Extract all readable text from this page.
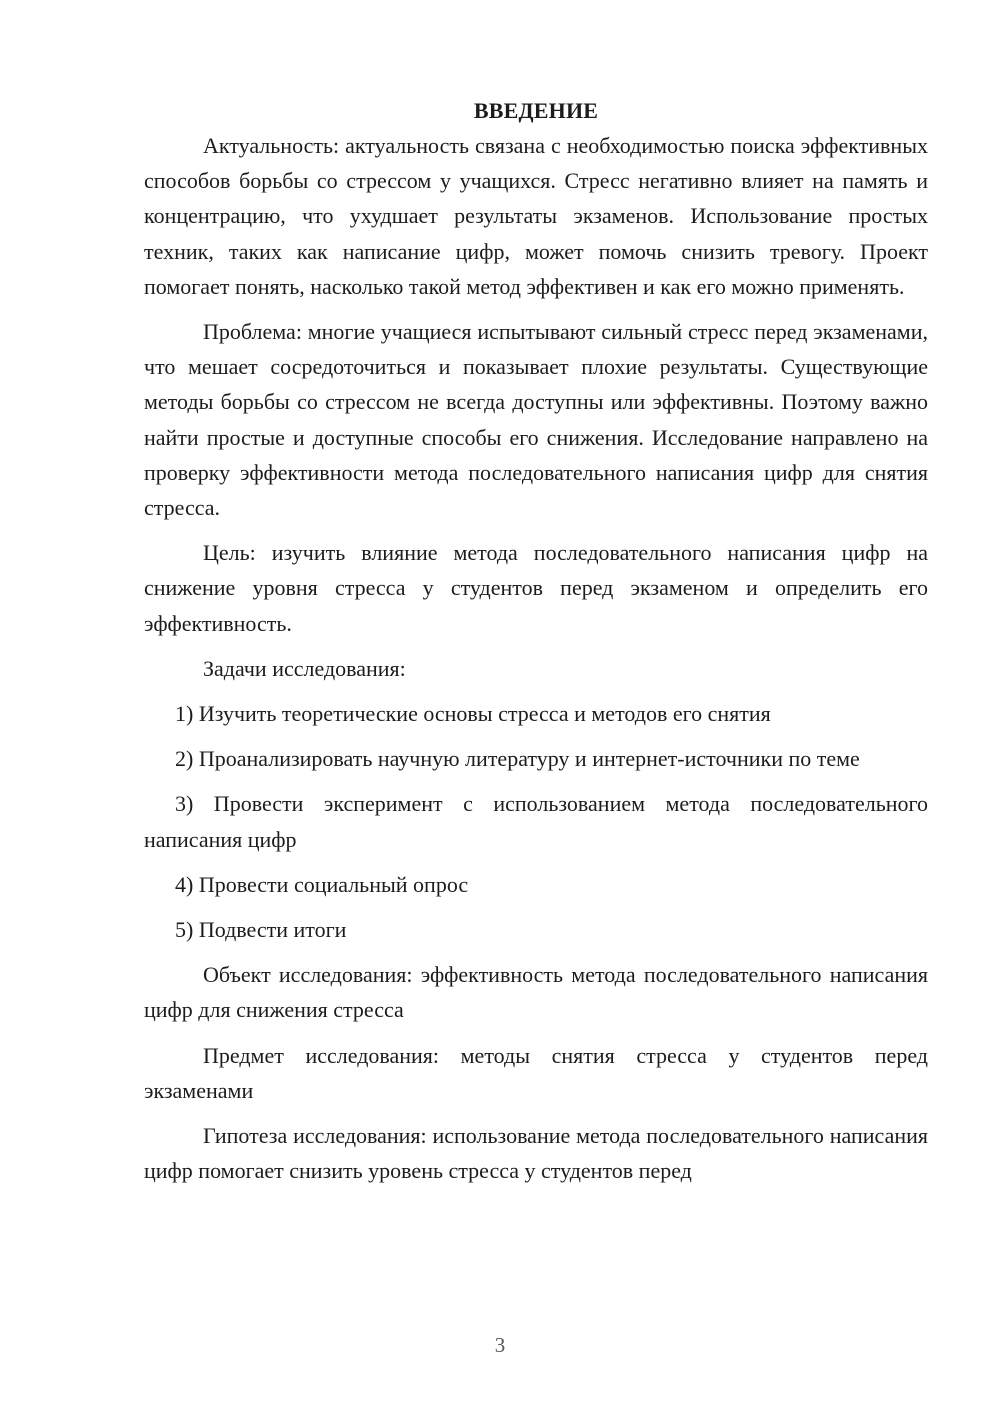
ВВЕДЕНИЕ

Актуальность: актуальность связана с необходимостью поиска эффективных способов борьбы со стрессом у учащихся. Стресс негативно влияет на память и концентрацию, что ухудшает результаты экзаменов. Использование простых техник, таких как написание цифр, может помочь снизить тревогу. Проект помогает понять, насколько такой метод эффективен и как его можно применять.

Проблема: многие учащиеся испытывают сильный стресс перед экзаменами, что мешает сосредоточиться и показывает плохие результаты. Существующие методы борьбы со стрессом не всегда доступны или эффективны. Поэтому важно найти простые и доступные способы его снижения. Исследование направлено на проверку эффективности метода последовательного написания цифр для снятия стресса.

Цель: изучить влияние метода последовательного написания цифр на снижение уровня стресса у студентов перед экзаменом и определить его эффективность.

Задачи исследования:

1) Изучить теоретические основы стресса и методов его снятия

2) Проанализировать научную литературу и интернет-источники по теме

3) Провести эксперимент с использованием метода последовательного написания цифр

4) Провести социальный опрос

5) Подвести итоги

Объект исследования: эффективность метода последовательного написания цифр для снижения стресса

Предмет исследования: методы снятия стресса у студентов перед экзаменами

Гипотеза исследования: использование метода последовательного написания цифр помогает снизить уровень стресса у студентов перед

3
